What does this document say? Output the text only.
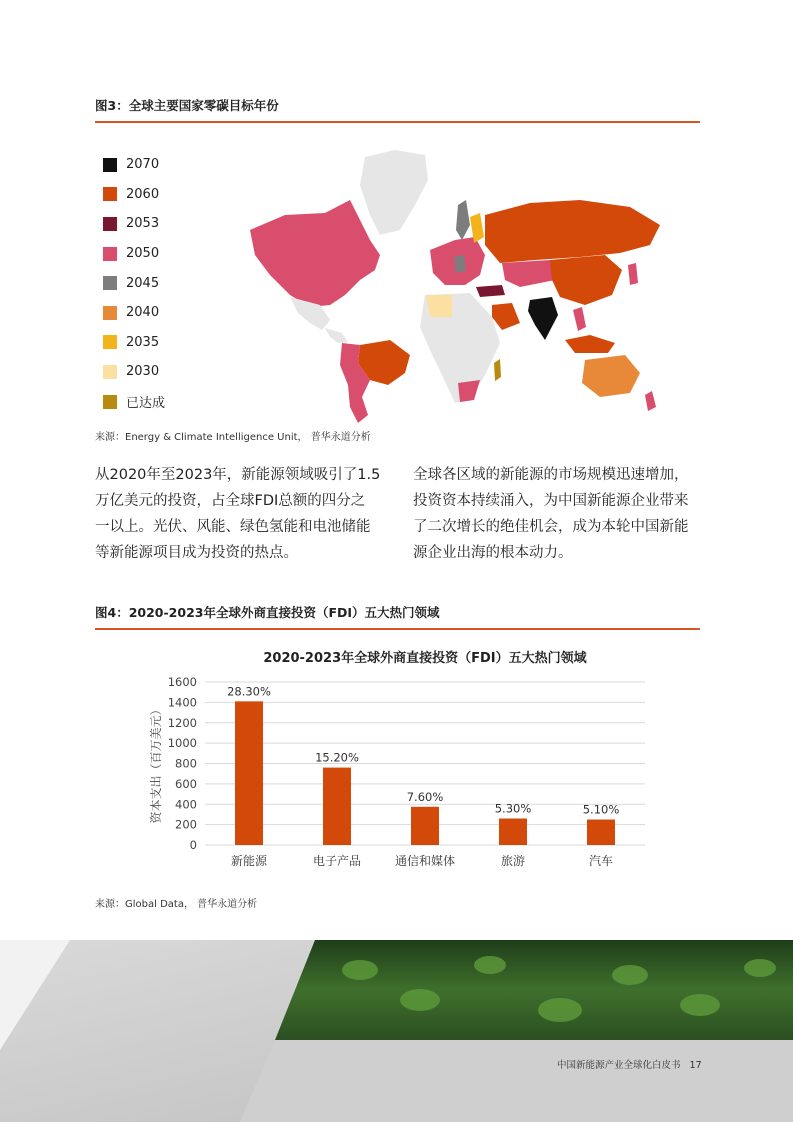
图3：全球主要国家零碳目标年份
2070
2060
2053
2050
2045
2040
2035
2030
已达成
来源：Energy & Climate Intelligence Unit， 普华永道分析
从2020年至2023年，新能源领域吸引了1.5
万亿美元的投资，占全球FDI总额的四分之
一以上。光伏、风能、绿色氢能和电池储能
等新能源项目成为投资的热点。
全球各区域的新能源的市场规模迅速增加，
投资资本持续涌入，为中国新能源企业带来
了二次增长的绝佳机会，成为本轮中国新能
源企业出海的根本动力。
图4：2020-2023年全球外商直接投资（FDI）五大热门领域
2020-2023年全球外商直接投资（FDI）五大热门领域
0
200
400
600
800
1000
1200
1400
1600
资本支出（百万美元）
28.30%
新能源
15.20%
电子产品
7.60%
通信和媒体
5.30%
旅游
5.10%
汽车
来源：Global Data， 普华永道分析
中国新能源产业全球化白皮书 17
